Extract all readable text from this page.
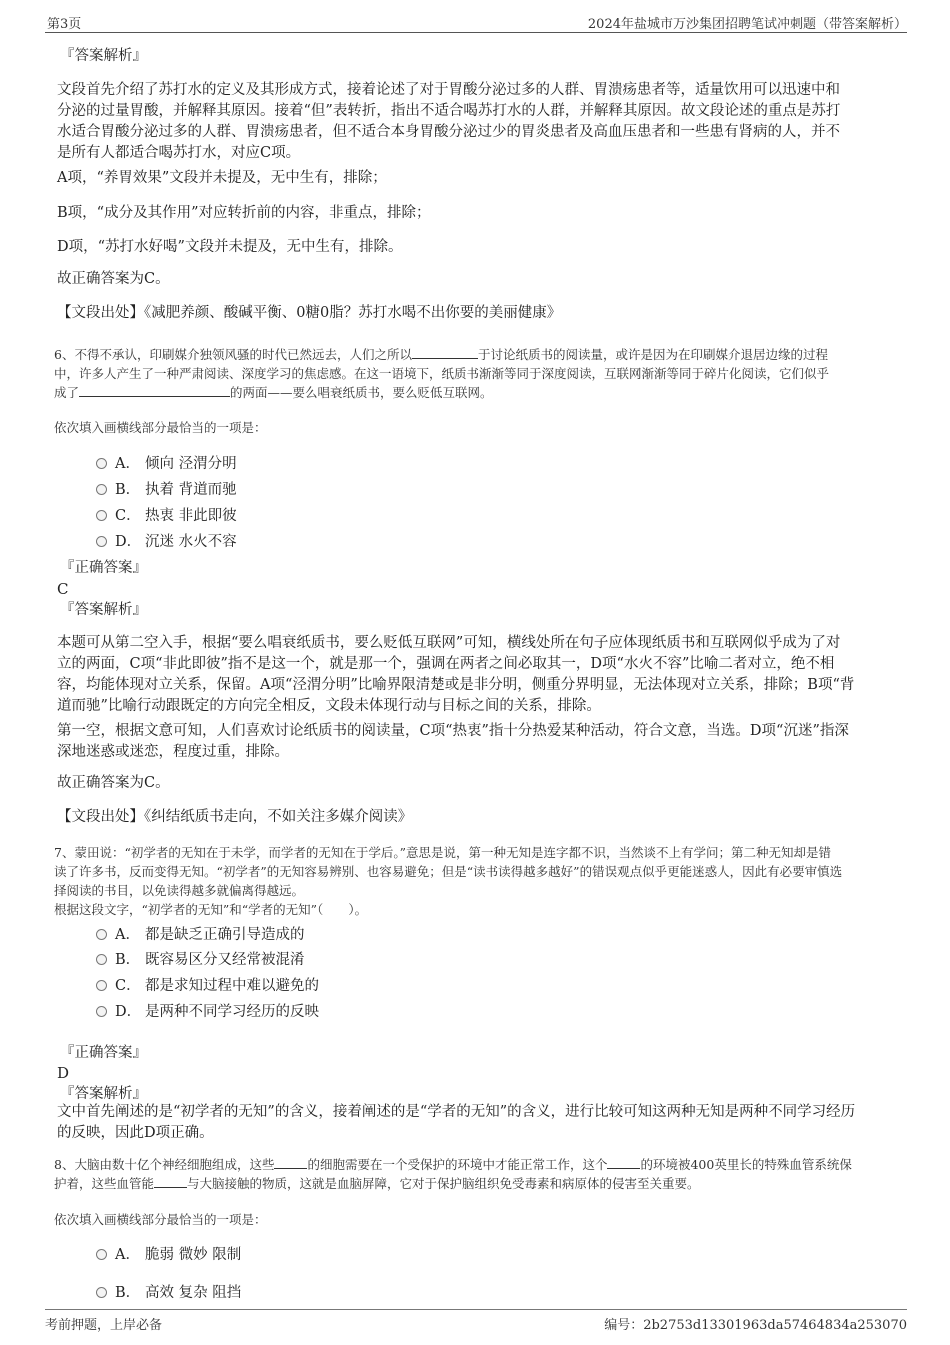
第3页	2024年盐城市万沙集团招聘笔试冲刺题（带答案解析）
『答案解析』
文段首先介绍了苏打水的定义及其形成方式，接着论述了对于胃酸分泌过多的人群、胃溃疡患者等，适量饮用可以迅速中和
分泌的过量胃酸，并解释其原因。接着“但”表转折，指出不适合喝苏打水的人群，并解释其原因。故文段论述的重点是苏打
水适合胃酸分泌过多的人群、胃溃疡患者，但不适合本身胃酸分泌过少的胃炎患者及高血压患者和一些患有肾病的人，并不
是所有人都适合喝苏打水，对应C项。
A项，“养胃效果”文段并未提及，无中生有，排除；
B项，“成分及其作用”对应转折前的内容，非重点，排除；
D项，“苏打水好喝”文段并未提及，无中生有，排除。
故正确答案为C。
【文段出处】《减肥养颜、酸碱平衡、0糖0脂？苏打水喝不出你要的美丽健康》
6、不得不承认，印刷媒介独领风骚的时代已然远去，人们之所以	于讨论纸质书的阅读量，或许是因为在印刷媒介退居边缘的过程
中，许多人产生了一种严肃阅读、深度学习的焦虑感。在这一语境下，纸质书渐渐等同于深度阅读，互联网渐渐等同于碎片化阅读，它们似乎
成了	的两面——要么唱衰纸质书，要么贬低互联网。
依次填入画横线部分最恰当的一项是：
A． 倾向 泾渭分明
B． 执着 背道而驰
C． 热衷 非此即彼
D． 沉迷 水火不容
『正确答案』
C
『答案解析』
本题可从第二空入手，根据“要么唱衰纸质书，要么贬低互联网”可知，横线处所在句子应体现纸质书和互联网似乎成为了对
立的两面，C项“非此即彼”指不是这一个，就是那一个，强调在两者之间必取其一，D项“水火不容”比喻二者对立，绝不相
容，均能体现对立关系，保留。A项“泾渭分明”比喻界限清楚或是非分明，侧重分界明显，无法体现对立关系，排除；B项“背
道而驰”比喻行动跟既定的方向完全相反，文段未体现行动与目标之间的关系，排除。
第一空，根据文意可知，人们喜欢讨论纸质书的阅读量，C项“热衷”指十分热爱某种活动，符合文意，当选。D项“沉迷”指深
深地迷惑或迷恋，程度过重，排除。
故正确答案为C。
【文段出处】《纠结纸质书走向，不如关注多媒介阅读》
7、蒙田说：“初学者的无知在于未学，而学者的无知在于学后。”意思是说，第一种无知是连字都不识，当然谈不上有学问；第二种无知却是错
读了许多书，反而变得无知。“初学者”的无知容易辨别、也容易避免；但是“读书读得越多越好”的错误观点似乎更能迷惑人，因此有必要审慎选
择阅读的书目，以免读得越多就偏离得越远。
根据这段文字，“初学者的无知”和“学者的无知”（　　）。
A． 都是缺乏正确引导造成的
B． 既容易区分又经常被混淆
C． 都是求知过程中难以避免的
D． 是两种不同学习经历的反映
『正确答案』
D
『答案解析』
文中首先阐述的是“初学者的无知”的含义，接着阐述的是“学者的无知”的含义，进行比较可知这两种无知是两种不同学习经历
的反映，因此D项正确。
8、大脑由数十亿个神经细胞组成，这些	的细胞需要在一个受保护的环境中才能正常工作，这个	的环境被400英里长的特殊血管系统保
护着，这些血管能	与大脑接触的物质，这就是血脑屏障，它对于保护脑组织免受毒素和病原体的侵害至关重要。
依次填入画横线部分最恰当的一项是：
A． 脆弱 微妙 限制
B． 高效 复杂 阻挡
考前押题，上岸必备	编号：2b2753d13301963da57464834a253070
